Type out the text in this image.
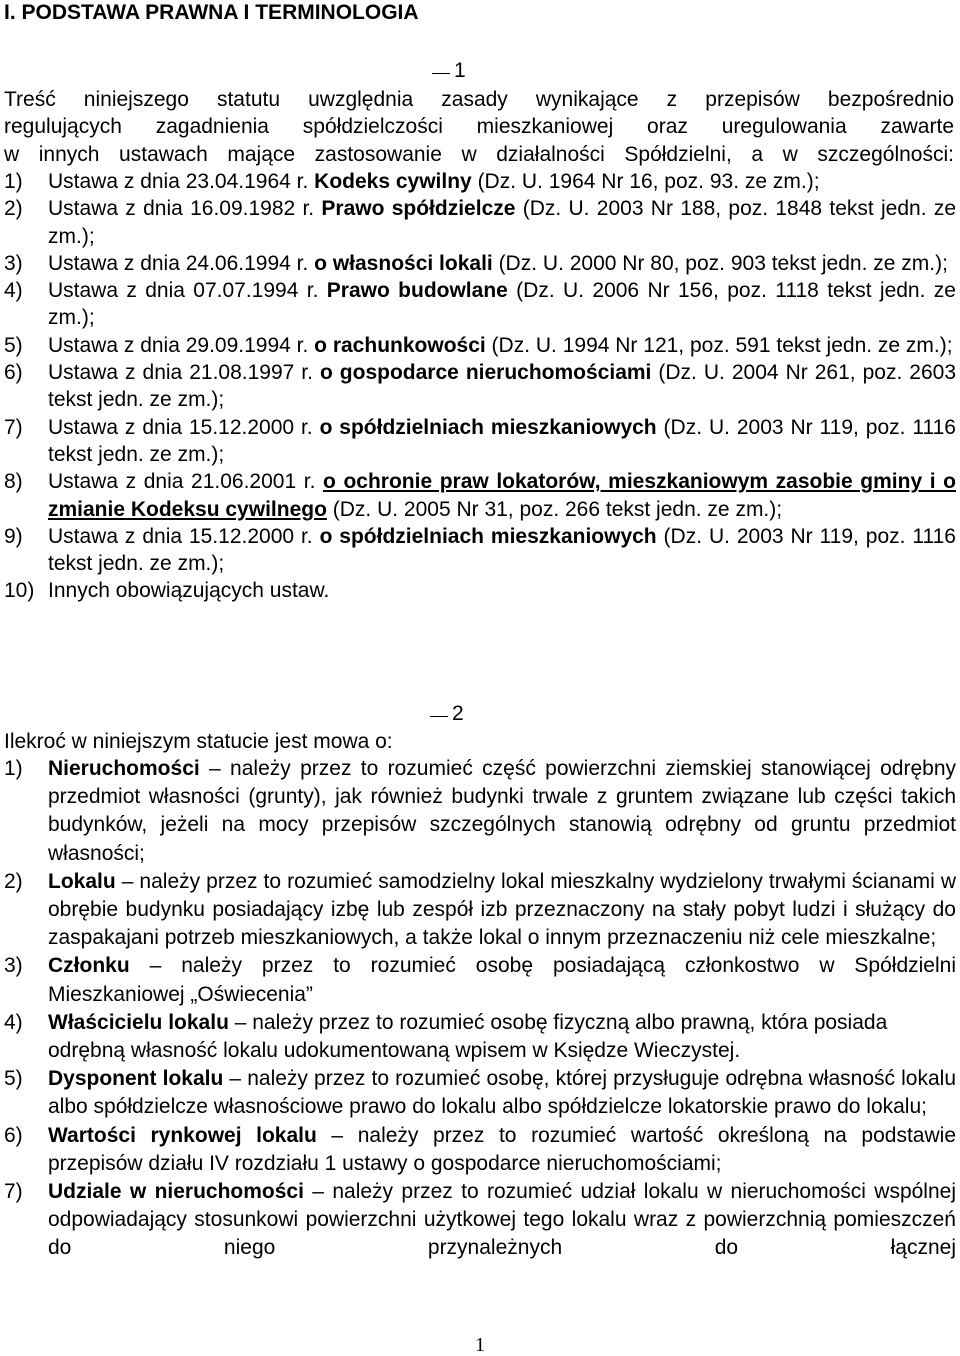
I. PODSTAWA PRAWNA I TERMINOLOGIA
1
Treść niniejszego statutu uwzględnia zasady wynikające z przepisów bezpośrednio
regulujących zagadnienia spółdzielczości mieszkaniowej oraz uregulowania zawarte
w innych ustawach mające zastosowanie w działalności Spółdzielni, a w szczególności:
1)	Ustawa z dnia 23.04.1964 r. Kodeks cywilny (Dz. U. 1964 Nr 16, poz. 93. ze zm.);
2)	Ustawa z dnia 16.09.1982 r. Prawo spółdzielcze (Dz. U. 2003 Nr 188, poz. 1848 tekst jedn. ze zm.);
3)	Ustawa z dnia 24.06.1994 r. o własności lokali (Dz. U. 2000 Nr 80, poz. 903 tekst jedn. ze zm.);
4)	Ustawa z dnia 07.07.1994 r. Prawo budowlane (Dz. U. 2006 Nr 156, poz. 1118 tekst jedn. ze zm.);
5)	Ustawa z dnia 29.09.1994 r. o rachunkowości (Dz. U. 1994 Nr 121, poz. 591 tekst jedn. ze zm.);
6)	Ustawa z dnia 21.08.1997 r. o gospodarce nieruchomościami (Dz. U. 2004 Nr 261, poz. 2603 tekst jedn. ze zm.);
7)	Ustawa z dnia 15.12.2000 r. o spółdzielniach mieszkaniowych (Dz. U. 2003 Nr 119, poz. 1116 tekst jedn. ze zm.);
8)	Ustawa z dnia 21.06.2001 r. o ochronie praw lokatorów, mieszkaniowym zasobie gminy i o zmianie Kodeksu cywilnego (Dz. U. 2005 Nr 31, poz. 266 tekst jedn. ze zm.);
9)	Ustawa z dnia 15.12.2000 r. o spółdzielniach mieszkaniowych (Dz. U. 2003 Nr 119, poz. 1116 tekst jedn. ze zm.);
10) Innych obowiązujących ustaw.
2
Ilekroć w niniejszym statucie jest mowa o:
1)	Nieruchomości – należy przez to rozumieć część powierzchni ziemskiej stanowiącej odrębny przedmiot własności (grunty), jak również budynki trwale z gruntem związane lub części takich budynków, jeżeli na mocy przepisów szczególnych stanowią odrębny od gruntu przedmiot własności;
2)	Lokalu – należy przez to rozumieć samodzielny lokal mieszkalny wydzielony trwałymi ścianami w obrębie budynku posiadający izbę lub zespół izb przeznaczony na stały pobyt ludzi i służący do zaspakajani potrzeb mieszkaniowych, a także lokal o innym przeznaczeniu niż cele mieszkalne;
3)	Członku – należy przez to rozumieć osobę posiadającą członkostwo w Spółdzielni Mieszkaniowej „Oświecenia”
4)	Właścicielu lokalu – należy przez to rozumieć osobę fizyczną albo prawną, która posiada odrębną własność lokalu udokumentowaną wpisem w Księdze Wieczystej.
5)	Dysponent lokalu – należy przez to rozumieć osobę, której przysługuje odrębna własność lokalu albo spółdzielcze własnościowe prawo do lokalu albo spółdzielcze lokatorskie prawo do lokalu;
6)	Wartości rynkowej lokalu – należy przez to rozumieć wartość określoną na podstawie przepisów działu IV rozdziału 1 ustawy o gospodarce nieruchomościami;
7)	Udziale w nieruchomości – należy przez to rozumieć udział lokalu w nieruchomości wspólnej odpowiadający stosunkowi powierzchni użytkowej tego lokalu wraz z powierzchnią pomieszczeń do niego przynależnych do łącznej
1
